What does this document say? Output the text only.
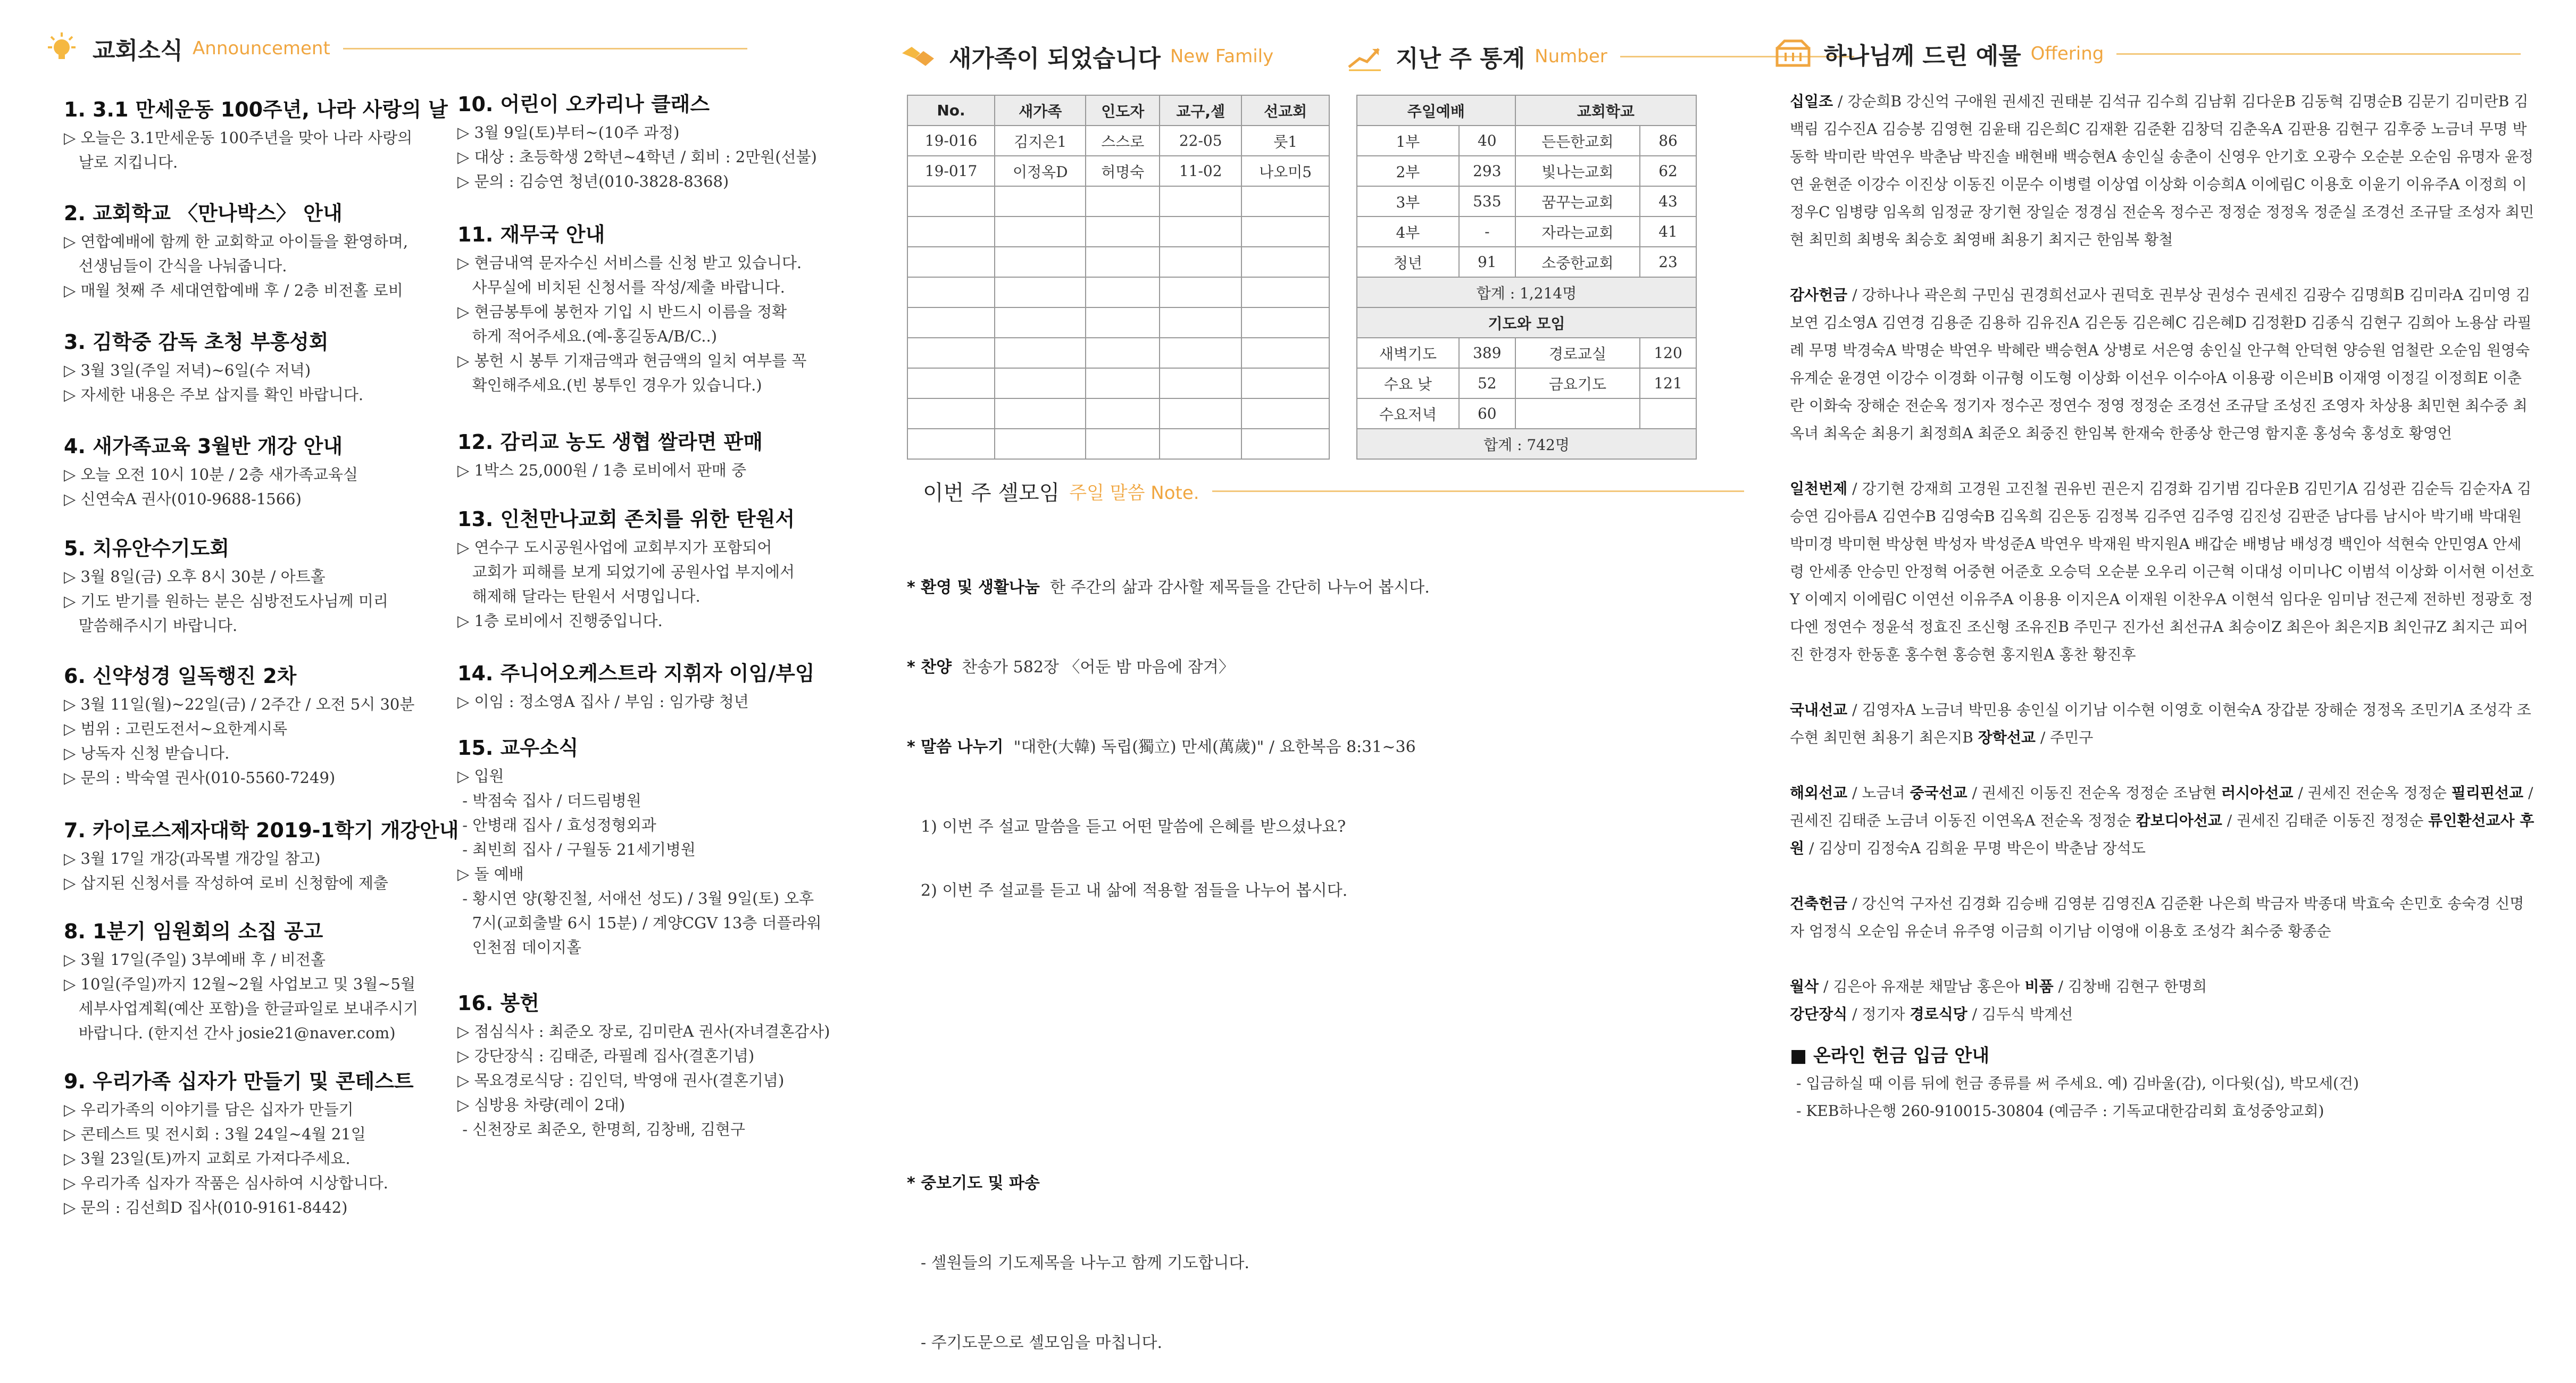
교회소식 Announcement
1. 3.1 만세운동 100주년, 나라 사랑의 날
▷ 오늘은 3.1만세운동 100주년을 맞아 나라 사랑의
날로 지킵니다.
2. 교회학교 〈만나박스〉 안내
▷ 연합예배에 함께 한 교회학교 아이들을 환영하며,
선생님들이 간식을 나눠줍니다.
▷ 매월 첫째 주 세대연합예배 후 / 2층 비전홀 로비
3. 김학중 감독 초청 부흥성회
▷ 3월 3일(주일 저녁)~6일(수 저녁)
▷ 자세한 내용은 주보 삽지를 확인 바랍니다.
4. 새가족교육 3월반 개강 안내
▷ 오늘 오전 10시 10분 / 2층 새가족교육실
▷ 신연숙A 권사(010-9688-1566)
5. 치유안수기도회
▷ 3월 8일(금) 오후 8시 30분 / 아트홀
▷ 기도 받기를 원하는 분은 심방전도사님께 미리
말씀해주시기 바랍니다.
6. 신약성경 일독행진 2차
▷ 3월 11일(월)~22일(금) / 2주간 / 오전 5시 30분
▷ 범위 : 고린도전서~요한계시록
▷ 낭독자 신청 받습니다.
▷ 문의 : 박숙열 권사(010-5560-7249)
7. 카이로스제자대학 2019-1학기 개강안내
▷ 3월 17일 개강(과목별 개강일 참고)
▷ 삽지된 신청서를 작성하여 로비 신청함에 제출
8. 1분기 임원회의 소집 공고
▷ 3월 17일(주일) 3부예배 후 / 비전홀
▷ 10일(주일)까지 12월~2월 사업보고 및 3월~5월
세부사업계획(예산 포함)을 한글파일로 보내주시기
바랍니다. (한지선 간사 josie21@naver.com)
9. 우리가족 십자가 만들기 및 콘테스트
▷ 우리가족의 이야기를 담은 십자가 만들기
▷ 콘테스트 및 전시회 : 3월 24일~4월 21일
▷ 3월 23일(토)까지 교회로 가져다주세요.
▷ 우리가족 십자가 작품은 심사하여 시상합니다.
▷ 문의 : 김선희D 집사(010-9161-8442)
10. 어린이 오카리나 클래스
▷ 3월 9일(토)부터~(10주 과정)
▷ 대상 : 초등학생 2학년~4학년 / 회비 : 2만원(선불)
▷ 문의 : 김승연 청년(010-3828-8368)
11. 재무국 안내
▷ 현금내역 문자수신 서비스를 신청 받고 있습니다.
사무실에 비치된 신청서를 작성/제출 바랍니다.
▷ 현금봉투에 봉헌자 기입 시 반드시 이름을 정확
하게 적어주세요.(예-홍길동A/B/C..)
▷ 봉헌 시 봉투 기재금액과 현금액의 일치 여부를 꼭
확인해주세요.(빈 봉투인 경우가 있습니다.)
12. 감리교 농도 생협 쌀라면 판매
▷ 1박스 25,000원 / 1층 로비에서 판매 중
13. 인천만나교회 존치를 위한 탄원서
▷ 연수구 도시공원사업에 교회부지가 포함되어
교회가 피해를 보게 되었기에 공원사업 부지에서
해제해 달라는 탄원서 서명입니다.
▷ 1층 로비에서 진행중입니다.
14. 주니어오케스트라 지휘자 이임/부임
▷ 이임 : 정소영A 집사 / 부임 : 임가량 청년
15. 교우소식
▷ 입원
- 박점숙 집사 / 더드림병원
- 안병래 집사 / 효성정형외과
- 최빈희 집사 / 구월동 21세기병원
▷ 돌 예배
- 황시연 양(황진철, 서애선 성도) / 3월 9일(토) 오후
7시(교회출발 6시 15분) / 계양CGV 13층 더플라워
인천점 데이지홀
16. 봉헌
▷ 점심식사 : 최준오 장로, 김미란A 권사(자녀결혼감사)
▷ 강단장식 : 김태준, 라필례 집사(결혼기념)
▷ 목요경로식당 : 김인덕, 박영애 권사(결혼기념)
▷ 심방용 차량(레이 2대)
- 신천장로 최준오, 한명희, 김창배, 김현구
새가족이 되었습니다 New Family	지난 주 통계 Number
No.	새가족	인도자	교구,셀	선교회
19-016	김지은1	스스로	22-05	룻1
19-017	이정옥D	허명숙	11-02	나오미5

주일예배		교회학교	
1부	40	든든한교회	86
2부	293	빛나는교회	62
3부	535	꿈꾸는교회	43
4부	-	자라는교회	41
청년	91	소중한교회	23
합계 : 1,214명			
기도와 모임			
새벽기도	389	경로교실	120
수요 낮	52	금요기도	121
수요저녁	60		
합계 : 742명			
이번 주 셀모임 주일 말씀 Note.

* 환영 및 생활나눔 한 주간의 삶과 감사할 제목들을 간단히 나누어 봅시다.

* 찬양 찬송가 582장 〈어둔 밤 마음에 잠겨〉

* 말씀 나누기 "대한(大韓) 독립(獨立) 만세(萬歲)" / 요한복음 8:31~36

1) 이번 주 설교 말씀을 듣고 어떤 말씀에 은혜를 받으셨나요?

2) 이번 주 설교를 듣고 내 삶에 적용할 점들을 나누어 봅시다.

* 중보기도 및 파송

- 셀원들의 기도제목을 나누고 함께 기도합니다.

- 주기도문으로 셀모임을 마칩니다.

하나님께 드린 예물 Offering

십일조 / 강순희B 강신억 구애원 권세진 권태분 김석규 김수희 김남휘 김다운B 김동혁 김명순B 김문기 김미란B 김백림 김수진A 김승봉 김영현 김윤태 김은희C 김재환 김준환 김창덕 김춘옥A 김판용 김현구 김후중 노금녀 무명 박동학 박미란 박연우 박춘남 박진솔 배현배 백승현A 송인실 송춘이 신영우 안기호 오광수 오순분 오순임 유명자 윤정연 윤현준 이강수 이진상 이동진 이문수 이병렬 이상엽 이상화 이승희A 이에림C 이용호 이윤기 이유주A 이정희 이정우C 임병량 임옥희 임정균 장기현 장일순 정경심 전순옥 정수곤 정정순 정정옥 정준실 조경선 조규달 조성자 최민현 최민희 최병욱 최승호 최영배 최용기 최지근 한임복 황철

감사헌금 / 강하나나 곽은희 구민심 권경희선교사 권덕호 권부상 권성수 권세진 김광수 김명희B 김미라A 김미영 김보연 김소영A 김연경 김용준 김용하 김유진A 김은동 김은혜C 김은혜D 김정환D 김종식 김현구 김희아 노용삼 라필례 무명 박경숙A 박명순 박연우 박혜란 백승현A 상병로 서은영 송인실 안구혁 안덕현 양승원 엄철란 오순임 원영숙 유계순 윤경연 이강수 이경화 이규형 이도형 이상화 이선우 이수아A 이용광 이은비B 이재영 이정길 이정희E 이춘란 이화숙 장해순 전순옥 정기자 정수곤 정연수 정영 정정순 조경선 조규달 조성진 조영자 차상용 최민현 최수중 최옥녀 최옥순 최용기 최정희A 최준오 최중진 한임복 한재숙 한종상 한근영 함지훈 홍성숙 홍성호 황영언

일천번제 / 강기현 강재희 고경원 고진철 권유빈 권은지 김경화 김기범 김다운B 김민기A 김성관 김순득 김순자A 김승연 김아름A 김연수B 김영숙B 김옥희 김은동 김정복 김주연 김주영 김진성 김판준 남다름 남시아 박기배 박대원 박미경 박미현 박상현 박성자 박성준A 박연우 박재원 박지원A 배갑순 배병남 배성경 백인아 석현숙 안민영A 안세령 안세종 안승민 안정혁 어중현 어준호 오승덕 오순분 오우리 이근혁 이대성 이미나C 이범석 이상화 이서현 이선호Y 이예지 이에림C 이연선 이유주A 이용용 이지은A 이재원 이찬우A 이현석 임다운 임미남 전근제 전하빈 정광호 정다엔 정연수 정윤석 정효진 조신형 조유진B 주민구 진가선 최선규A 최승이Z 최은아 최은지B 최인규Z 최지근 피어진 한경자 한동훈 홍수현 홍승현 홍지원A 홍찬 황진후

국내선교 / 김영자A 노금녀 박민용 송인실 이기남 이수현 이영호 이현숙A 장갑분 장해순 정정옥 조민기A 조성각 조수현 최민현 최용기 최은지B 장학선교 / 주민구

해외선교 / 노금녀 중국선교 / 권세진 이동진 전순옥 정정순 조남현 러시아선교 / 권세진 전순옥 정정순 필리핀선교 / 권세진 김태준 노금녀 이동진 이연옥A 전순옥 정정순 캄보디아선교 / 권세진 김태준 이동진 정정순 류인환선교사 후원 / 김상미 김정숙A 김희윤 무명 박은이 박춘남 장석도

건축헌금 / 강신억 구자선 김경화 김승배 김영분 김영진A 김준환 나은희 박금자 박종대 박효숙 손민호 송숙경 신명자 엄정식 오순임 유순녀 유주영 이금희 이기남 이영애 이용호 조성각 최수중 황종순

월삭 / 김은아 유재분 채말남 홍은아 비품 / 김창배 김현구 한명희
강단장식 / 정기자 경로식당 / 김두식 박계선

■ 온라인 헌금 입금 안내
- 입금하실 때 이름 뒤에 헌금 종류를 써 주세요. 예) 김바울(감), 이다윗(십), 박모세(건)
- KEB하나은행 260-910015-30804 (예금주 : 기독교대한감리회 효성중앙교회)
